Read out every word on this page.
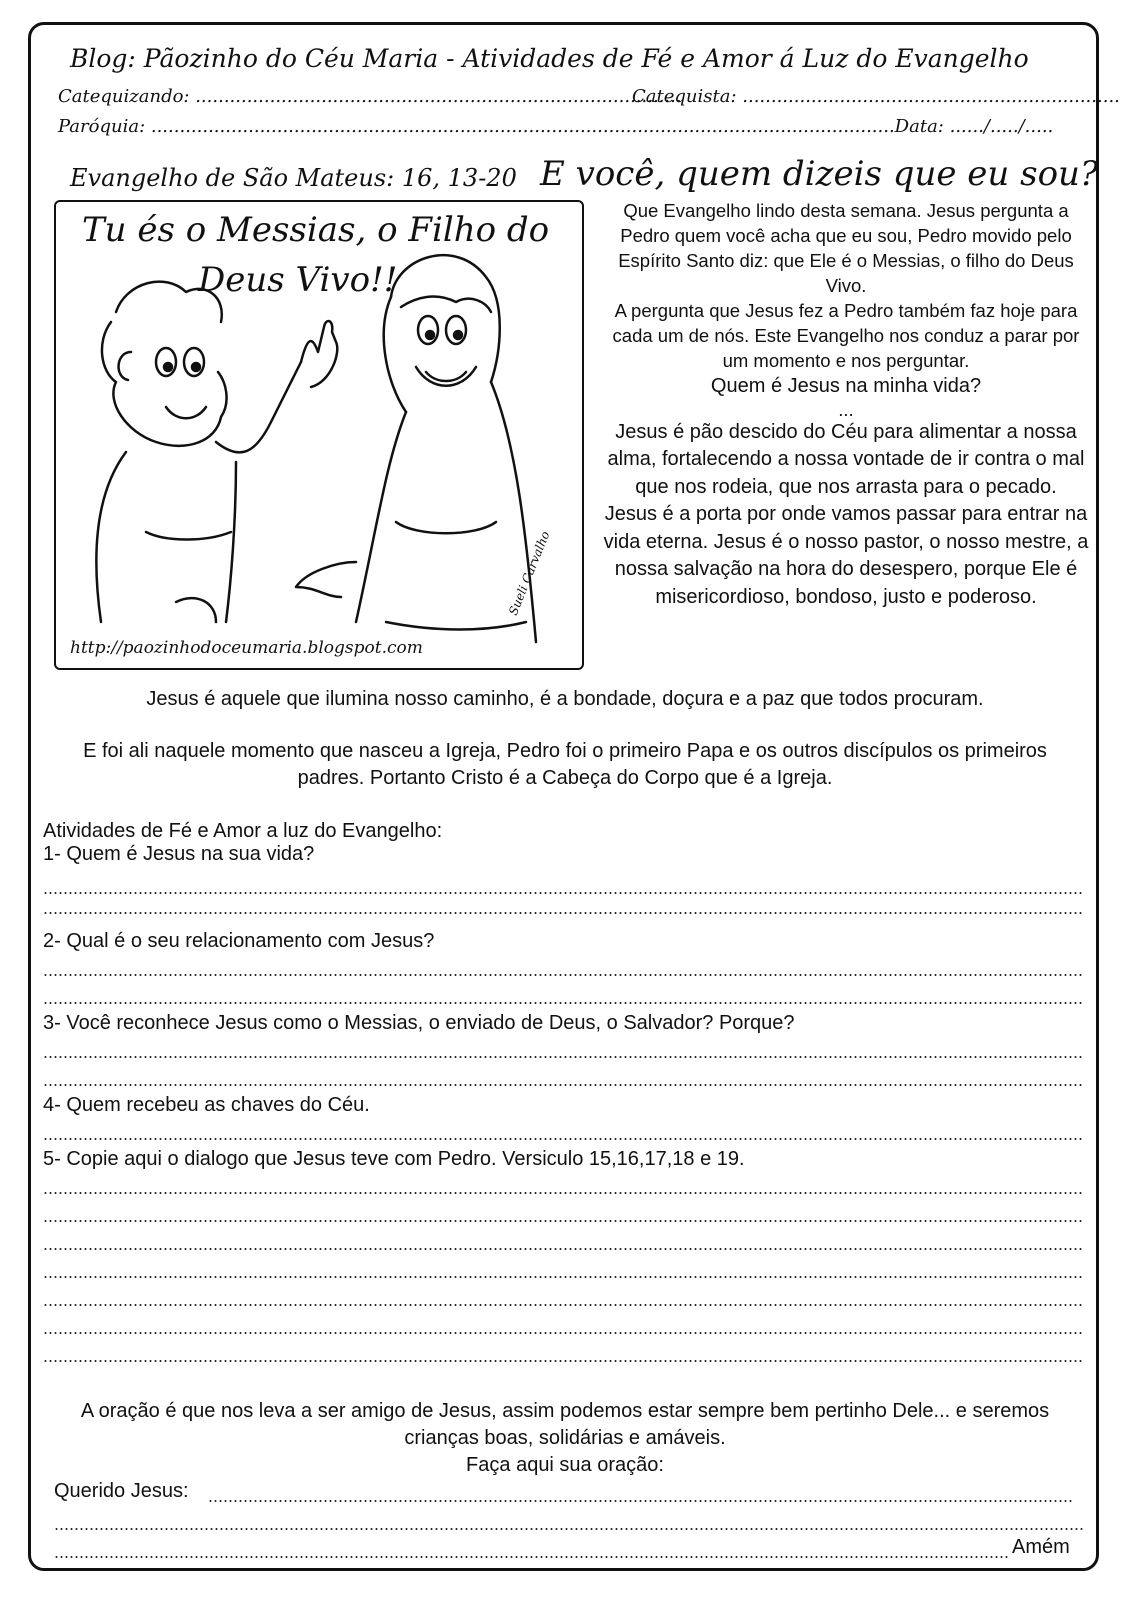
Blog: Pãozinho do Céu Maria - Atividades de Fé e Amor á Luz do Evangelho
Catequizando: .....................................................................................
Catequista: ..................................................................
Paróquia: ..................................................................................................................................Data: ....../...../.....
Evangelho de São Mateus: 16, 13-20 E você, quem dizeis que eu sou?
Tu és o Messias, o Filho do
Deus Vivo!!
http://paozinhodoceumaria.blogspot.com
Sueli Carvalho

Que Evangelho lindo desta semana. Jesus pergunta a Pedro quem você acha que eu sou, Pedro movido pelo Espírito Santo diz: que Ele é o Messias, o filho do Deus Vivo.

A pergunta que Jesus fez a Pedro também faz hoje para cada um de nós. Este Evangelho nos conduz a parar por um momento e nos perguntar.

Quem é Jesus na minha vida?

...

Jesus é pão descido do Céu para alimentar a nossa alma, fortalecendo a nossa vontade de ir contra o mal que nos rodeia, que nos arrasta para o pecado.

Jesus é a porta por onde vamos passar para entrar na vida eterna. Jesus é o nosso pastor, o nosso mestre, a nossa salvação na hora do desespero, porque Ele é misericordioso, bondoso, justo e poderoso.

Jesus é aquele que ilumina nosso caminho, é a bondade, doçura e a paz que todos procuram.
E foi ali naquele momento que nasceu a Igreja, Pedro foi o primeiro Papa e os outros discípulos os primeiros padres. Portanto Cristo é a Cabeça do Corpo que é a Igreja.
Atividades de Fé e Amor a luz do Evangelho:
1- Quem é Jesus na sua vida?
2- Qual é o seu relacionamento com Jesus?
3- Você reconhece Jesus como o Messias, o enviado de Deus, o Salvador? Porque?
4- Quem recebeu as chaves do Céu.
5- Copie aqui o dialogo que Jesus teve com Pedro. Versiculo 15,16,17,18 e 19.
A oração é que nos leva a ser amigo de Jesus, assim podemos estar sempre bem pertinho Dele... e seremos crianças boas, solidárias e amáveis.
Faça aqui sua oração:
Querido Jesus:
Amém
